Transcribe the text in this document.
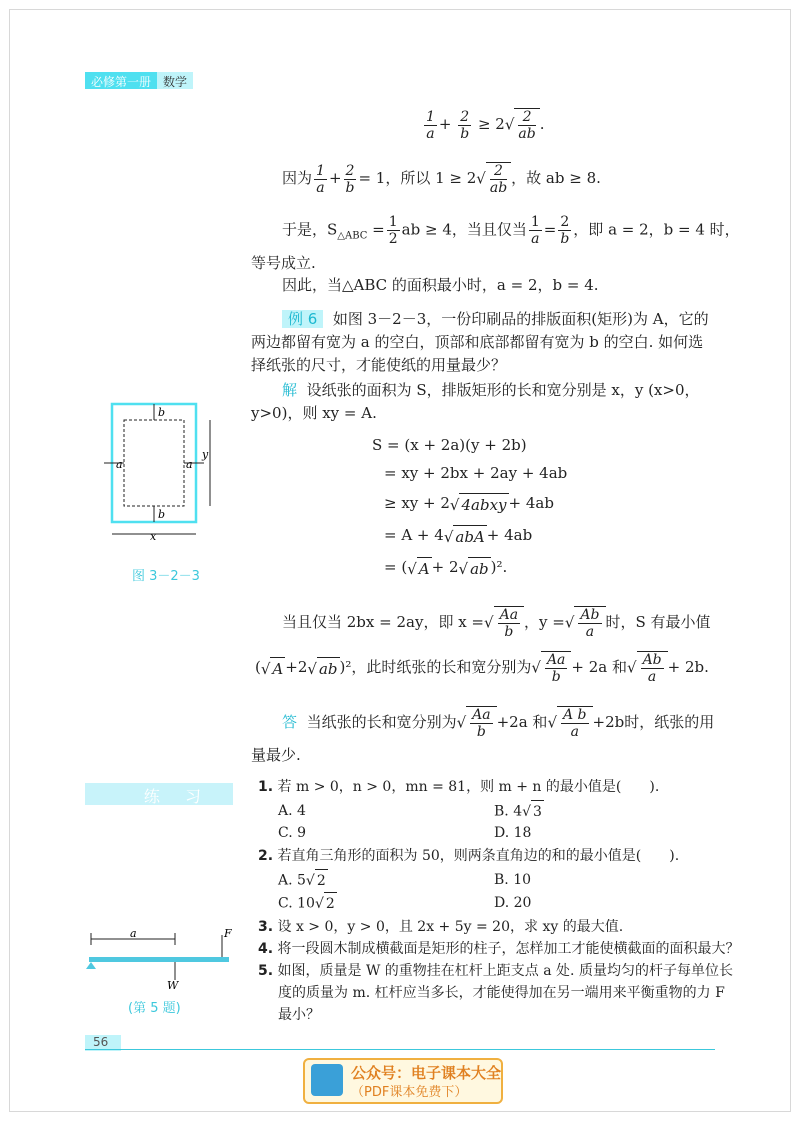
必修第一册	数学
$\frac{1}{a} + \frac{2}{b} \ge 2√ \frac{2}{ab}$ .
因为 $\frac{1}{a} + \frac{2}{b} = 1$，所以 $1 \ge 2√ \frac{2}{ab}$ ，故 ab ≥ 8.
于是，$S_{\triangle ABC} = \frac{1}{2}$ ab ≥ 4，当且仅当 $\frac{1}{a} = \frac{2}{b}$ ，即 a = 2，b = 4 时，
等号成立.
因此，当△ABC 的面积最小时，a = 2，b = 4.
例 6 如图 3－2－3，一份印刷品的排版面积(矩形)为 A，它的
两边都留有宽为 a 的空白，顶部和底部都留有宽为 b 的空白. 如何选
择纸张的尺寸，才能使纸的用量最少？
解 设纸张的面积为 S，排版矩形的长和宽分别是 x，y (x>0，
y>0)，则 xy = A.
S = (x + 2a)(y + 2b)
= xy + 2bx + 2ay + 4ab
≥ xy + 2√ 4abxy + 4ab
= A + 4√ abA + 4ab
= (√ A + 2√ ab )².
当且仅当 2bx = 2ay，即 x =√ $\frac{Aa}{b}$ ，y =√ $\frac{Ab}{a}$ 时，S 有最小值
(√ A +2√ ab )²，此时纸张的长和宽分别为√ $\frac{Aa}{b} + 2a$ 和√ $\frac{Ab}{a} + 2b$.
答 当纸张的长和宽分别为√ $\frac{Aa}{b} +2a$ 和√ $\frac{\text{A b}}{a} +2b$时，纸张的用
量最少.
b
b
a	a
y
x
图 3－2－3
练 习	1. 若 m > 0，n > 0，mn = 81，则 m + n 的最小值是(　　).
A. 4	B. 4√ 3
C. 9	D. 18
2. 若直角三角形的面积为 50，则两条直角边的和的最小值是(　　).
A. 5√ 2	B. 10
C. 10√ 2	D. 20
3. 设 x > 0，y > 0，且 2x + 5y = 20，求 xy 的最大值.
4. 将一段圆木制成横截面是矩形的柱子，怎样加工才能使横截面的面积最大？
5. 如图，质量是 W 的重物挂在杠杆上距支点 a 处. 质量均匀的杆子每单位长
度的质量为 m. 杠杆应当多长，才能使得加在另一端用来平衡重物的力 F
最小？
a	F
W
(第 5 题)
56
公众号：电子课本大全
（PDF课本免费下）
